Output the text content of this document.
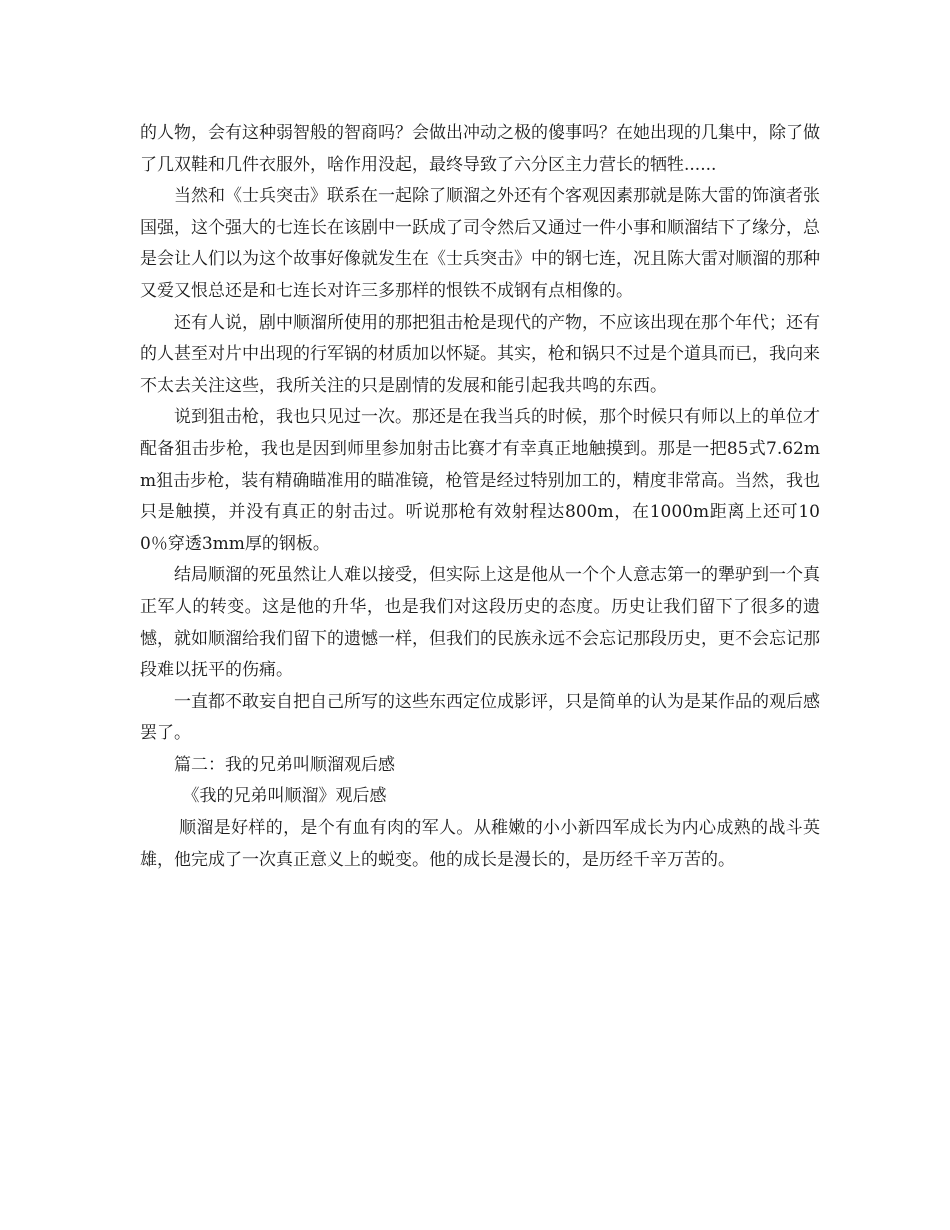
的人物，会有这种弱智般的智商吗？会做出冲动之极的傻事吗？在她出现的几集中，除了做了几双鞋和几件衣服外，啥作用没起，最终导致了六分区主力营长的牺牲......

当然和《士兵突击》联系在一起除了顺溜之外还有个客观因素那就是陈大雷的饰演者张国强，这个强大的七连长在该剧中一跃成了司令然后又通过一件小事和顺溜结下了缘分，总是会让人们以为这个故事好像就发生在《士兵突击》中的钢七连，况且陈大雷对顺溜的那种又爱又恨总还是和七连长对许三多那样的恨铁不成钢有点相像的。

还有人说，剧中顺溜所使用的那把狙击枪是现代的产物，不应该出现在那个年代；还有的人甚至对片中出现的行军锅的材质加以怀疑。其实，枪和锅只不过是个道具而已，我向来不太去关注这些，我所关注的只是剧情的发展和能引起我共鸣的东西。

说到狙击枪，我也只见过一次。那还是在我当兵的时候，那个时候只有师以上的单位才配备狙击步枪，我也是因到师里参加射击比赛才有幸真正地触摸到。那是一把85式7.62mm狙击步枪，装有精确瞄准用的瞄准镜，枪管是经过特别加工的，精度非常高。当然，我也只是触摸，并没有真正的射击过。听说那枪有效射程达800m，在1000m距离上还可100％穿透3mm厚的钢板。

结局顺溜的死虽然让人难以接受，但实际上这是他从一个个人意志第一的犟驴到一个真正军人的转变。这是他的升华，也是我们对这段历史的态度。历史让我们留下了很多的遗憾，就如顺溜给我们留下的遗憾一样，但我们的民族永远不会忘记那段历史，更不会忘记那段难以抚平的伤痛。

一直都不敢妄自把自己所写的这些东西定位成影评，只是简单的认为是某作品的观后感罢了。

篇二：我的兄弟叫顺溜观后感

《我的兄弟叫顺溜》观后感

顺溜是好样的，是个有血有肉的军人。从稚嫩的小小新四军成长为内心成熟的战斗英雄，他完成了一次真正意义上的蜕变。他的成长是漫长的，是历经千辛万苦的。
